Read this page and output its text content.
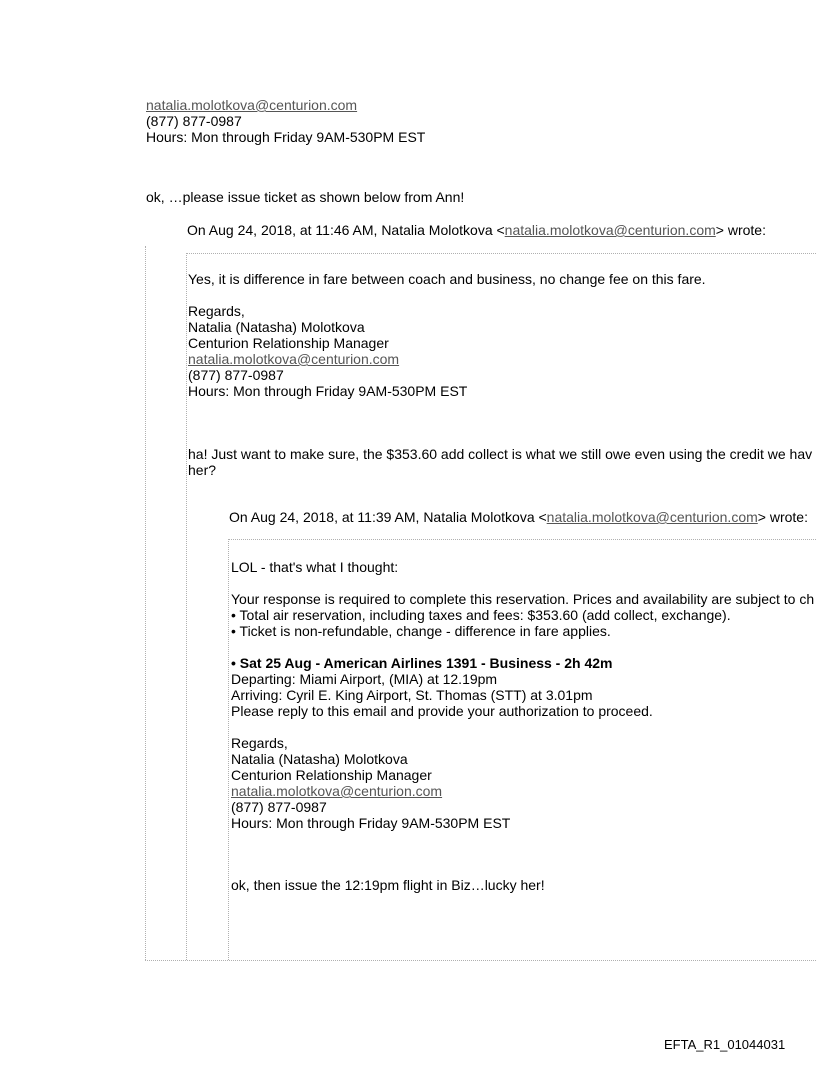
natalia.molotkova@centurion.com
(877) 877-0987
Hours: Mon through Friday 9AM-530PM EST
ok, …please issue ticket as shown below from Ann!
On Aug 24, 2018, at 11:46 AM, Natalia Molotkova <natalia.molotkova@centurion.com> wrote:
Yes, it is difference in fare between coach and business, no change fee on this fare.
Regards,
Natalia (Natasha) Molotkova
Centurion Relationship Manager
natalia.molotkova@centurion.com
(877) 877-0987
Hours: Mon through Friday 9AM-530PM EST
ha! Just want to make sure, the $353.60 add collect is what we still owe even using the credit we hav
her?
On Aug 24, 2018, at 11:39 AM, Natalia Molotkova <natalia.molotkova@centurion.com> wrote:
LOL - that's what I thought:
Your response is required to complete this reservation. Prices and availability are subject to ch
• Total air reservation, including taxes and fees: $353.60 (add collect, exchange).
• Ticket is non-refundable, change - difference in fare applies.
• Sat 25 Aug - American Airlines 1391 - Business - 2h 42m
Departing: Miami Airport, (MIA) at 12.19pm
Arriving: Cyril E. King Airport, St. Thomas (STT) at 3.01pm
Please reply to this email and provide your authorization to proceed.
Regards,
Natalia (Natasha) Molotkova
Centurion Relationship Manager
natalia.molotkova@centurion.com
(877) 877-0987
Hours: Mon through Friday 9AM-530PM EST
ok, then issue the 12:19pm flight in Biz…lucky her!
EFTA_R1_01044031
